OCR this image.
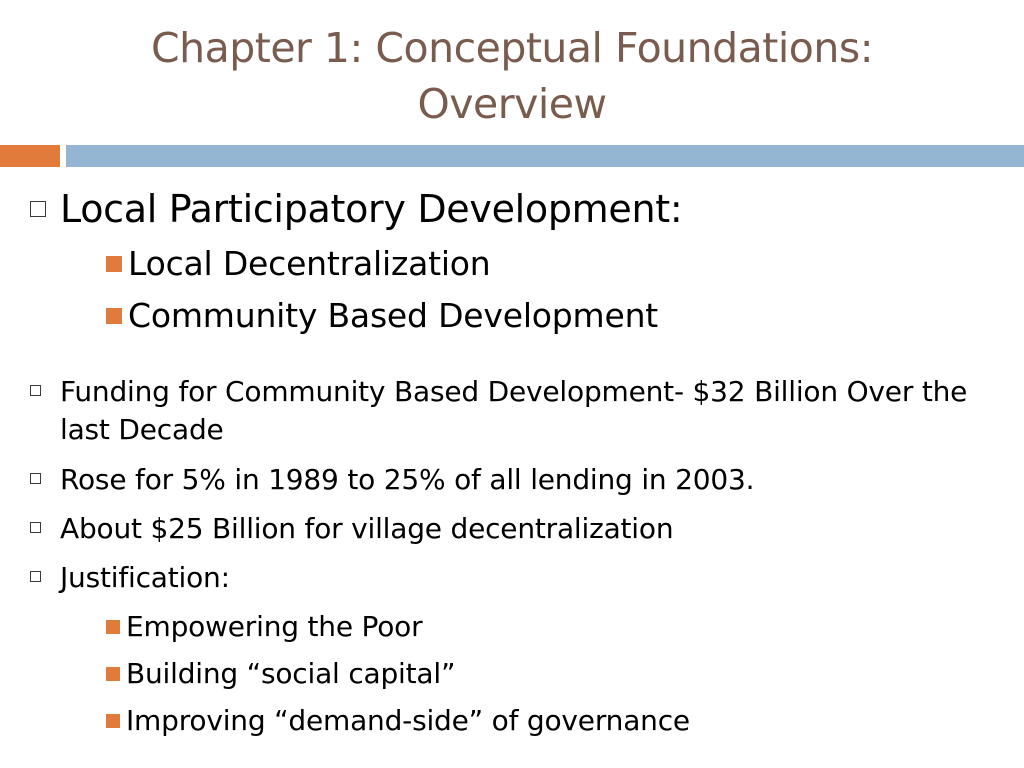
Chapter 1: Conceptual Foundations:
Overview
Local Participatory Development:
Local Decentralization
Community Based Development
Funding for Community Based Development- $32 Billion Over the last Decade
Rose for 5% in 1989 to 25% of all lending in 2003.
About $25 Billion for village decentralization
Justification:
Empowering the Poor
Building “social capital”
Improving “demand-side” of governance
